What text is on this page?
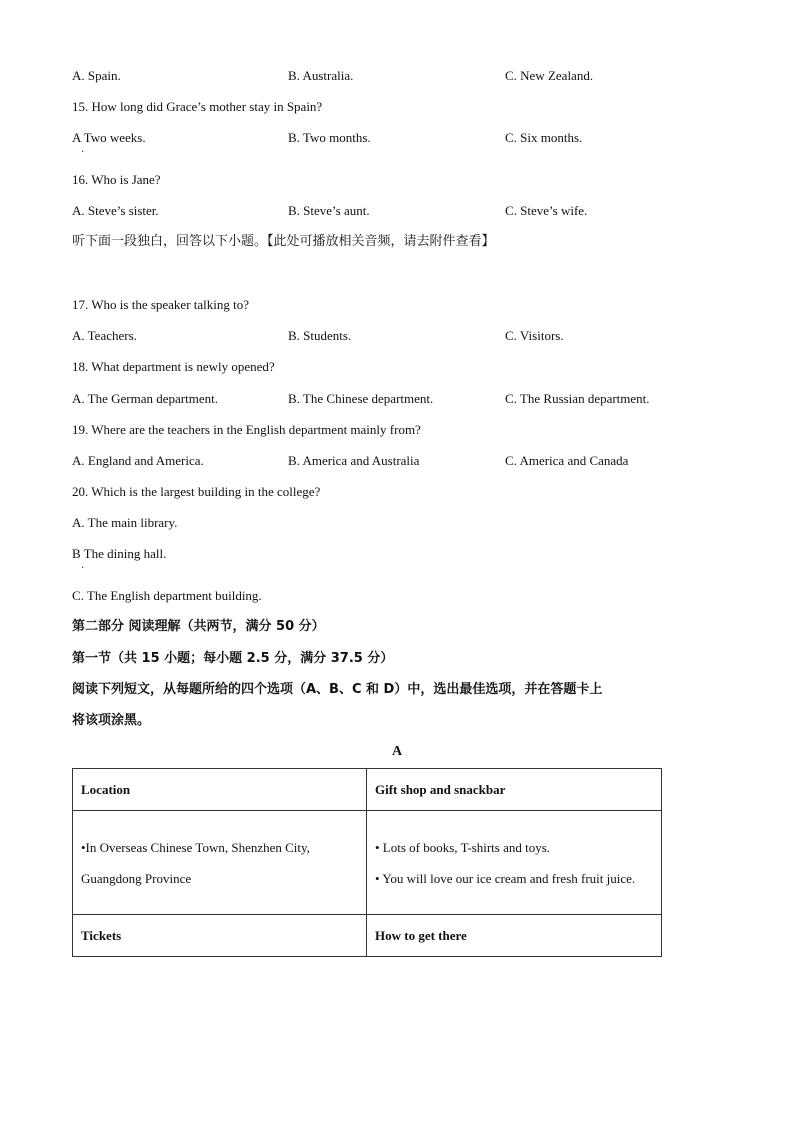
A. Spain.	B. Australia.	C. New Zealand.
15. How long did Grace’s mother stay in Spain?
A Two weeks.
·
B. Two months.	C. Six months.
16. Who is Jane?
A. Steve’s sister.	B. Steve’s aunt.	C. Steve’s wife.
听下面一段独白，回答以下小题。【此处可播放相关音频，请去附件查看】
17. Who is the speaker talking to?
A. Teachers.	B. Students.	C. Visitors.
18. What department is newly opened?
A. The German department.	B. The Chinese department.	C. The Russian department.
19. Where are the teachers in the English department mainly from?
A. England and America.	B. America and Australia	C. America and Canada
20. Which is the largest building in the college?
A. The main library.
B The dining hall.
·
C. The English department building.
第二部分 阅读理解（共两节，满分 50 分）
第一节（共 15 小题；每小题 2.5 分，满分 37.5 分）
阅读下列短文，从每题所给的四个选项（A、B、C 和 D）中，选出最佳选项，并在答题卡上
将该项涂黑。
A
Location	Gift shop and snackbar

•In Overseas Chinese Town, Shenzhen City, Guangdong Province	• Lots of books, T-shirts and toys.
• You will love our ice cream and fresh fruit juice.

Tickets	How to get there
